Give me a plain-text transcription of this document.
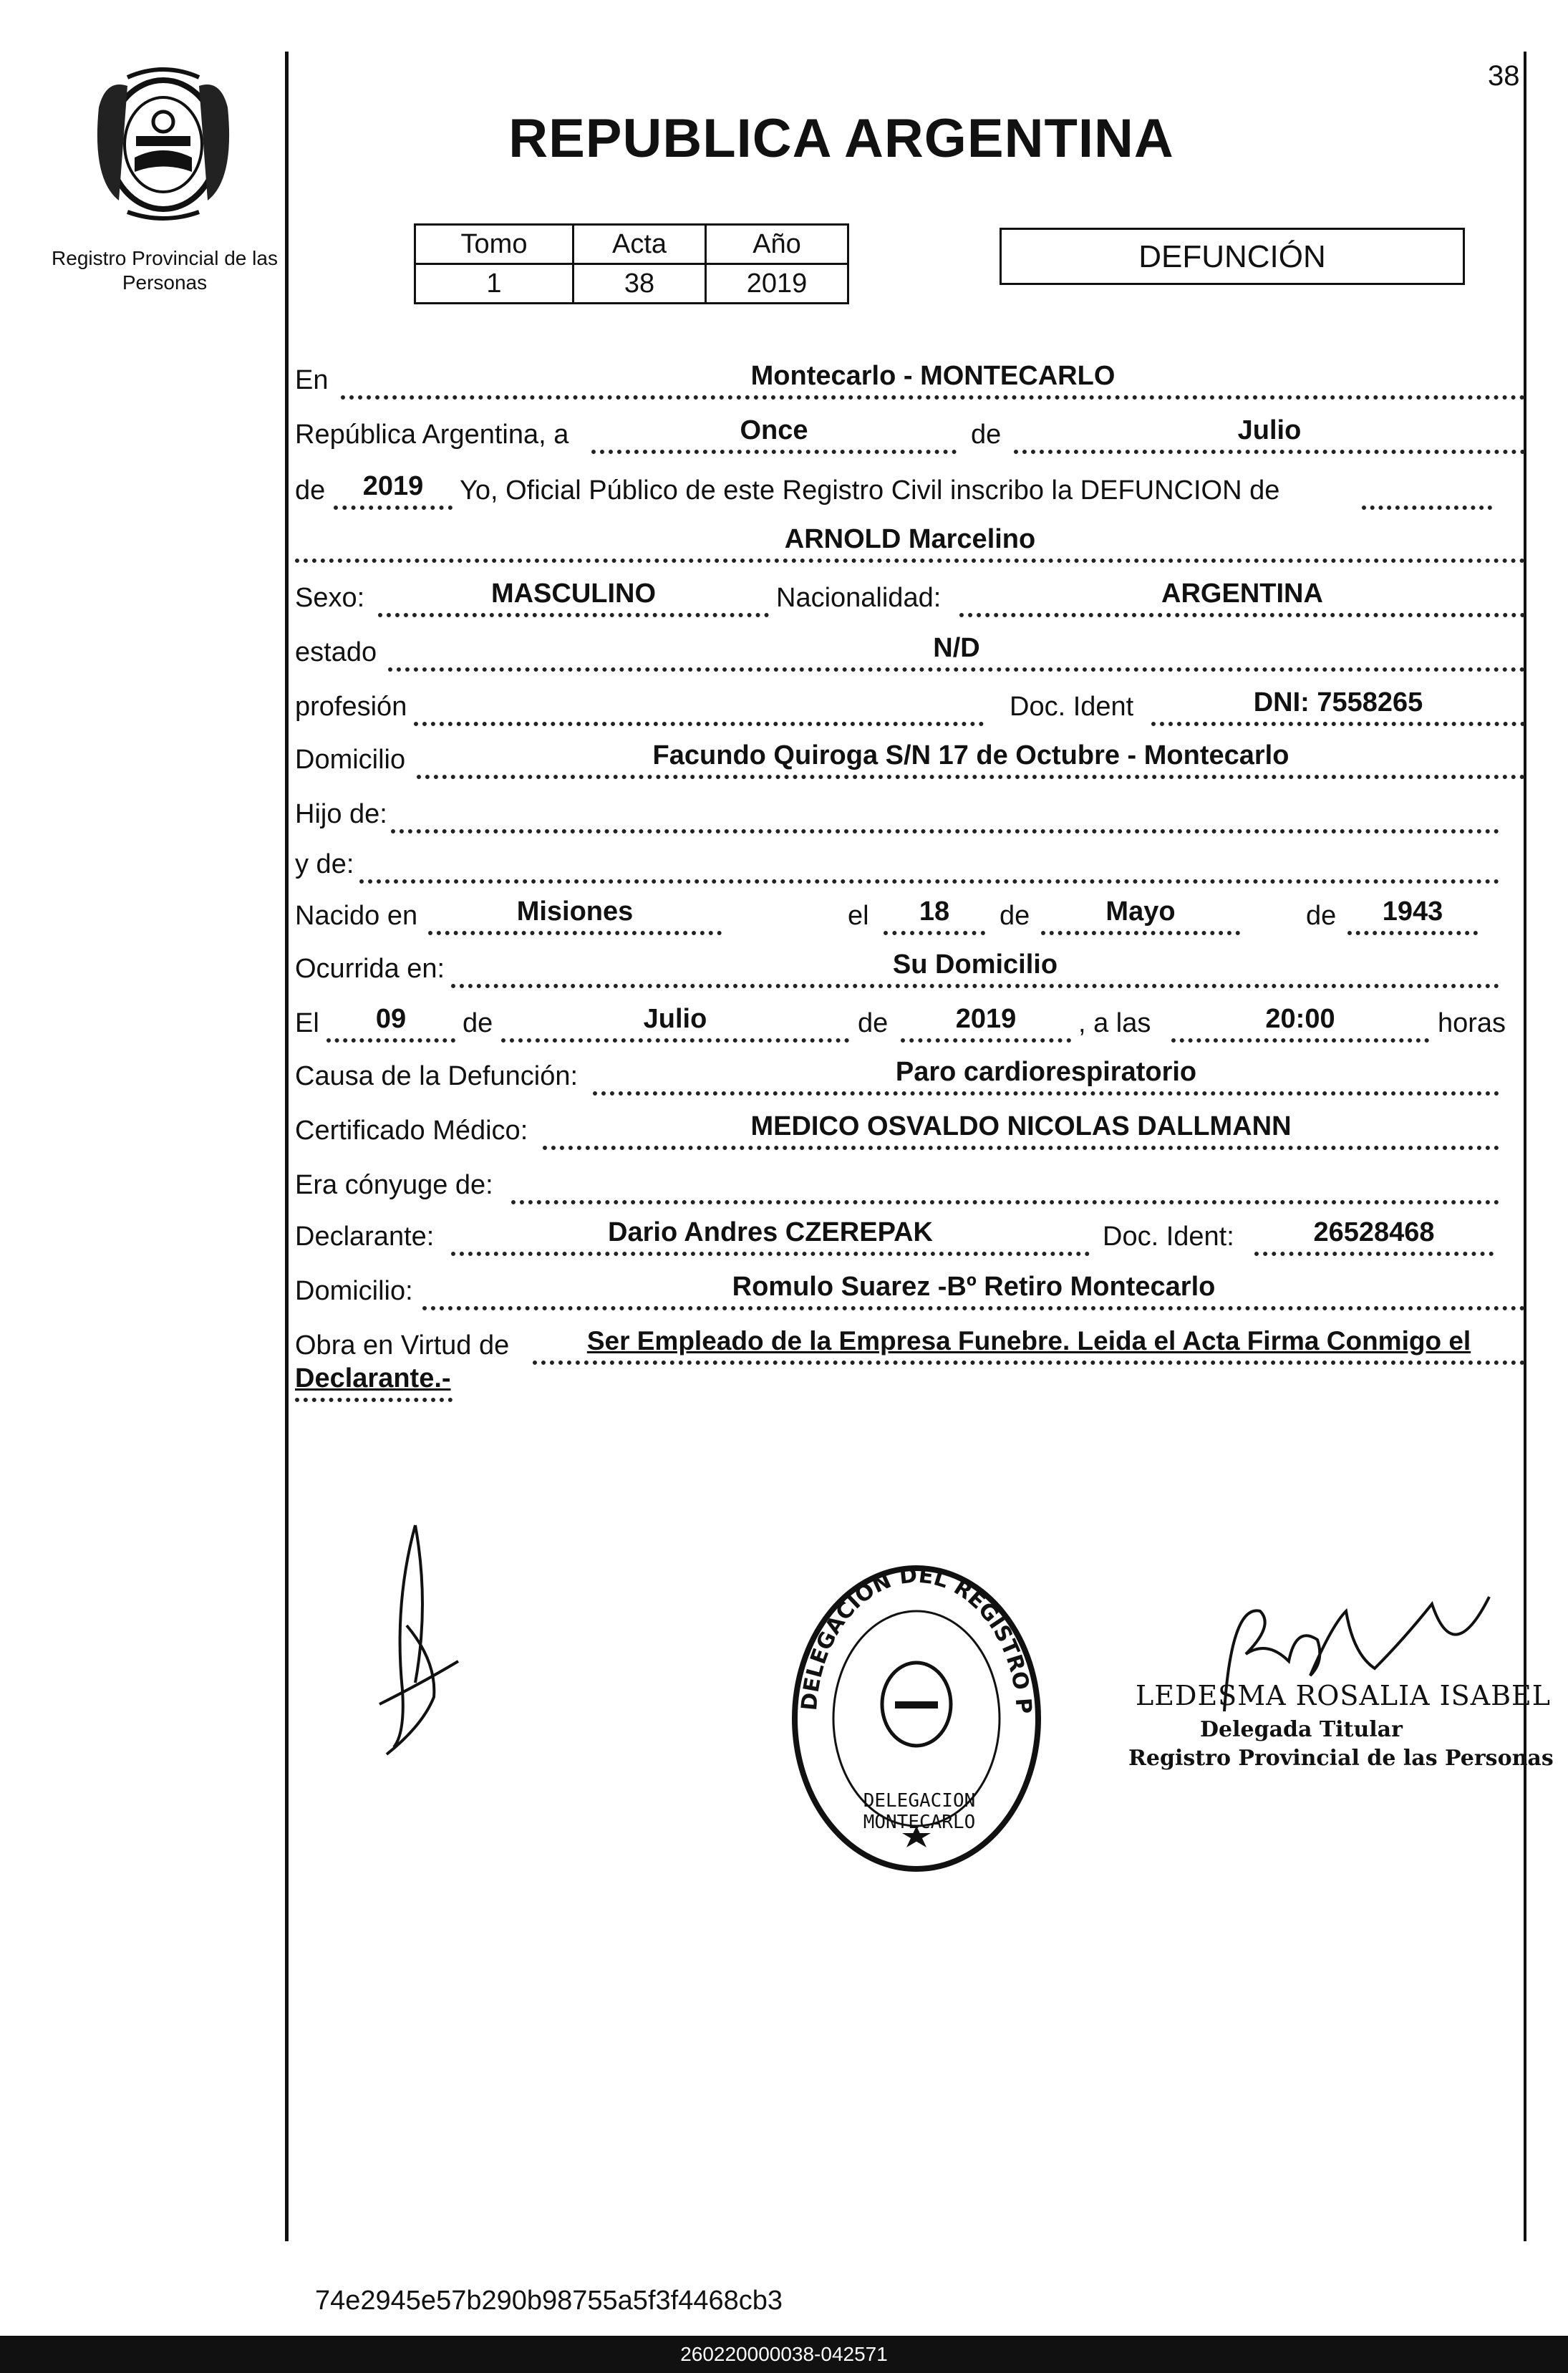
38
Registro Provincial de las Personas
REPUBLICA ARGENTINA
Tomo	Acta	Año
1	38	2019
DEFUNCIÓN
En	Montecarlo - MONTECARLO
República Argentina, a	Once	de	Julio
de	2019	Yo, Oficial Público de este Registro Civil inscribo la DEFUNCION de
ARNOLD Marcelino
Sexo:	MASCULINO	Nacionalidad:	ARGENTINA
estado	N/D
profesión	Doc. Ident	DNI: 7558265
Domicilio	Facundo Quiroga S/N 17 de Octubre - Montecarlo
Hijo de:
y de:
Nacido en	Misiones	el	18	de	Mayo	de	1943
Ocurrida en:	Su Domicilio
El	09	de	Julio	de	2019	, a las	20:00	horas
Causa de la Defunción:	Paro cardiorespiratorio
Certificado Médico:	MEDICO OSVALDO NICOLAS DALLMANN
Era cónyuge de:
Declarante:	Dario Andres CZEREPAK	Doc. Ident:	26528468
Domicilio:	Romulo Suarez -Bº Retiro Montecarlo
Obra en Virtud de	Ser Empleado de la Empresa Funebre. Leida el Acta Firma Conmigo el
Declarante.-
DELEGACION DEL REGISTRO P
DELEGACION MONTECARLO
LEDESMA ROSALIA ISABEL
Delegada Titular
Registro Provincial de las Personas
74e2945e57b290b98755a5f3f4468cb3
260220000038-042571
